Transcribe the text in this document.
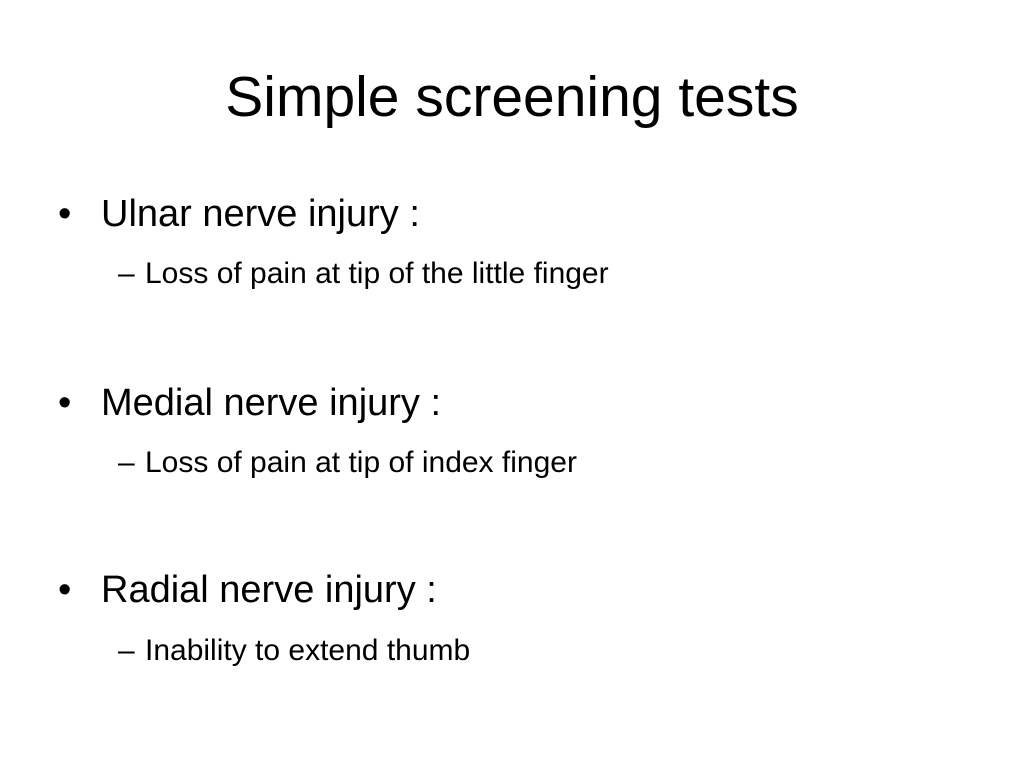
Simple screening tests
• Ulnar nerve injury :
– Loss of pain at tip of the little finger
• Medial nerve injury :
– Loss of pain at tip of index finger
• Radial nerve injury :
– Inability to extend thumb
